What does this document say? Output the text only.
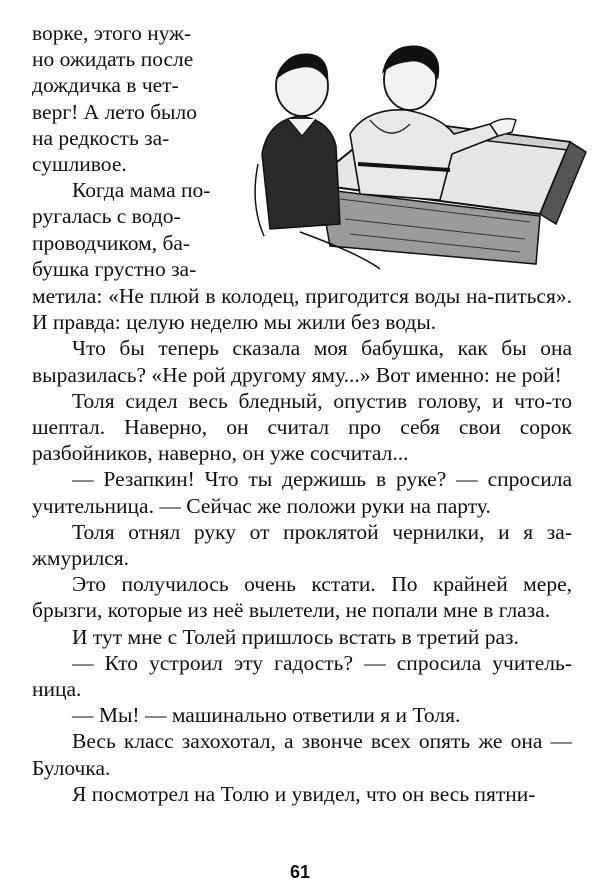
ворке, этого нуж-

но ожидать после

дождичка в чет-

верг! А лето было

на редкость за-

сушливое.

Когда мама по-

ругалась с водо-

проводчиком, ба-

бушка грустно за-

метила: «Не плюй в колодец, пригодится воды на-питься». И правда: целую неделю мы жили без воды.

Что бы теперь сказала моя бабушка, как бы она выразилась? «Не рой другому яму...» Вот именно: не рой!

Толя сидел весь бледный, опустив голову, и что-то шептал. Наверно, он считал про себя свои сорок разбойников, наверно, он уже сосчитал...

— Резапкин! Что ты держишь в руке? — спросила учительница. — Сейчас же положи руки на парту.

Толя отнял руку от проклятой чернилки, и я за-жмурился.

Это получилось очень кстати. По крайней мере, брызги, которые из неё вылетели, не попали мне в глаза.

И тут мне с Толей пришлось встать в третий раз.

— Кто устроил эту гадость? — спросила учитель-ница.

— Мы! — машинально ответили я и Толя.

Весь класс захохотал, а звонче всех опять же она — Булочка.

Я посмотрел на Толю и увидел, что он весь пятни-

61
